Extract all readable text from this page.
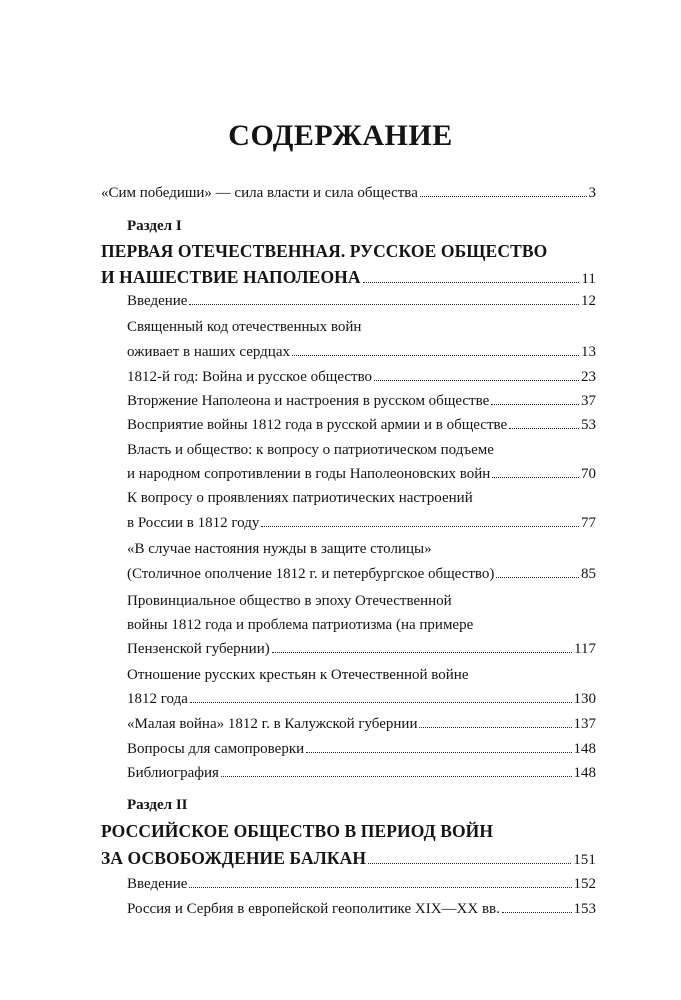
СОДЕРЖАНИЕ
«Сим победиши» — сила власти и сила общества	3
Раздел I
ПЕРВАЯ ОТЕЧЕСТВЕННАЯ. РУССКОЕ ОБЩЕСТВО
И НАШЕСТВИЕ НАПОЛЕОНА	11
Введение	12
Священный код отечественных войн
оживает в наших сердцах	13
1812-й год: Война и русское общество	23
Вторжение Наполеона и настроения в русском обществе	37
Восприятие войны 1812 года в русской армии и в обществе	53
Власть и общество: к вопросу о патриотическом подъеме
и народном сопротивлении в годы Наполеоновских войн	70
К вопросу о проявлениях патриотических настроений
в России в 1812 году	77
«В случае настояния нужды в защите столицы»
(Столичное ополчение 1812 г. и петербургское общество)	85
Провинциальное общество в эпоху Отечественной
войны 1812 года и проблема патриотизма (на примере
Пензенской губернии)	117
Отношение русских крестьян к Отечественной войне
1812 года	130
«Малая война» 1812 г. в Калужской губернии	137
Вопросы для самопроверки	148
Библиография	148
Раздел II
РОССИЙСКОЕ ОБЩЕСТВО В ПЕРИОД ВОЙН
ЗА ОСВОБОЖДЕНИЕ БАЛКАН	151
Введение	152
Россия и Сербия в европейской геополитике XIX—XX вв.	153
